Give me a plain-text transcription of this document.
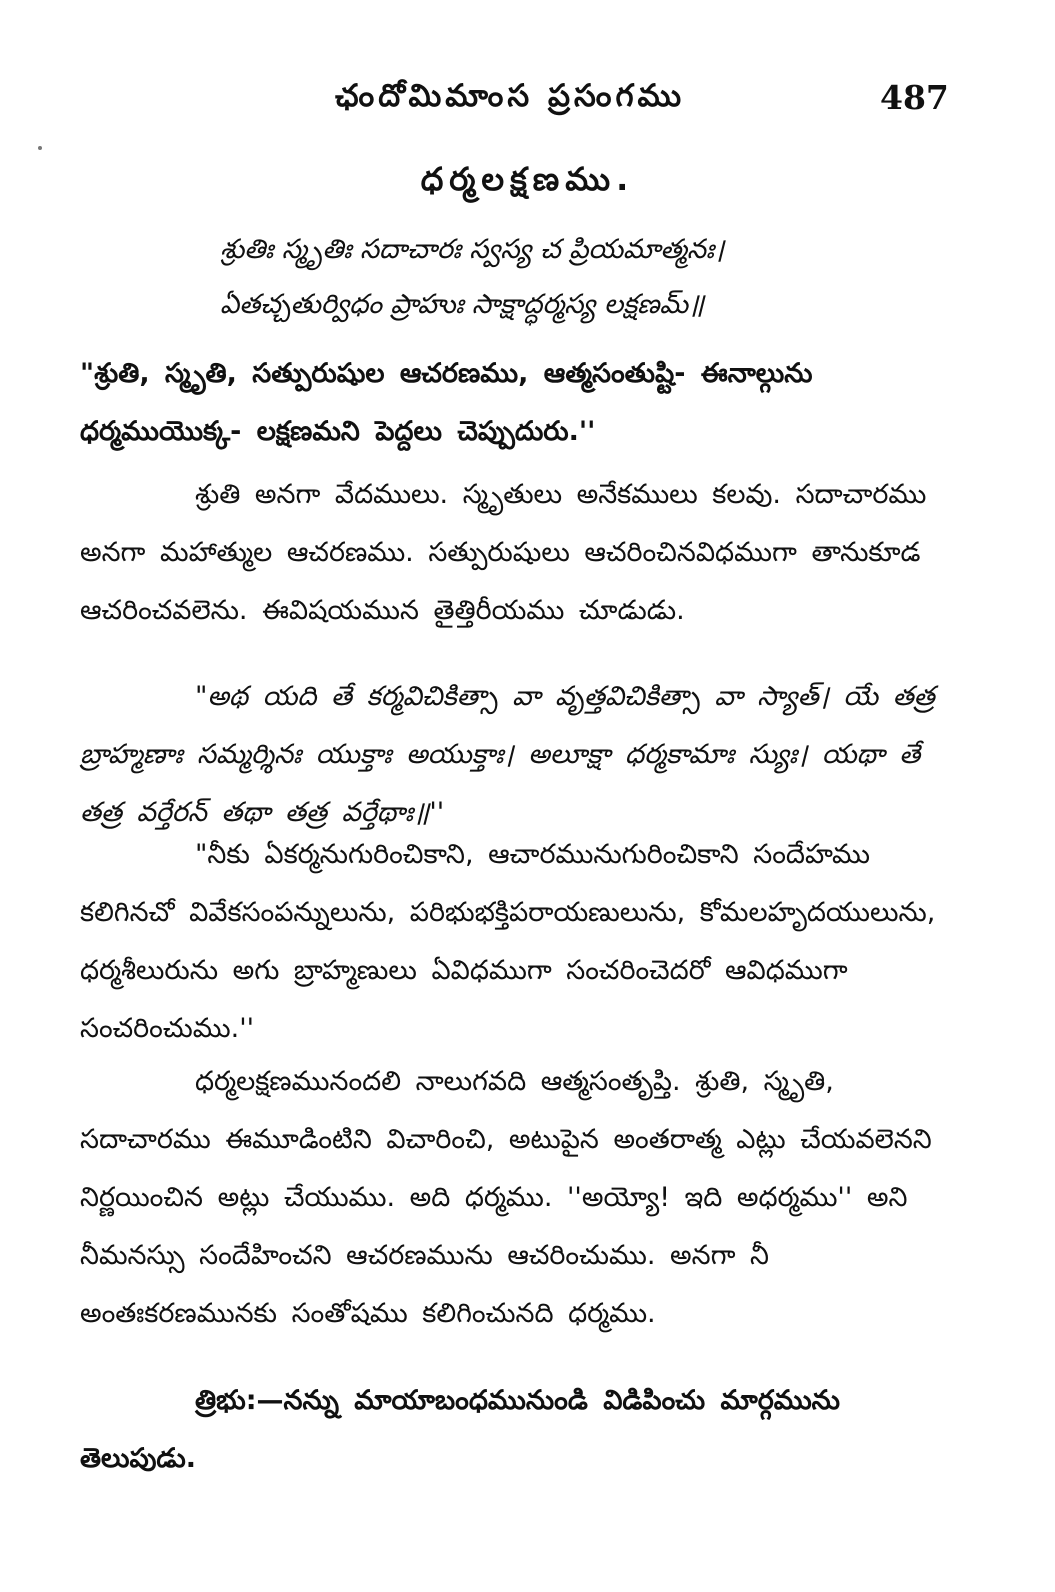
ఛందోమిమాంస ప్రసంగము	487
ధర్మలక్షణము.
శ్రుతిః స్మృతిః సదాచారః స్వస్య చ ప్రియమాత్మనః।
ఏతచ్చతుర్విధం ప్రాహుః సాక్షాద్ధర్మస్య లక్షణమ్॥
"శ్రుతి, స్మృతి, సత్పురుషుల ఆచరణము, ఆత్మసంతుష్టి- ఈనాల్గును ధర్మముయొక్క- లక్షణమని పెద్దలు చెప్పుదురు.''
శ్రుతి అనగా వేదములు. స్మృతులు అనేకములు కలవు. సదాచారము అనగా మహాత్ముల ఆచరణము. సత్పురుషులు ఆచరించినవిధముగా తానుకూడ ఆచరించవలెను. ఈవిషయమున తైత్తిరీయము చూడుడు.
"అథ యది తే కర్మవిచికిత్సా వా వృత్తవిచికిత్సా వా స్యాత్। యే తత్ర బ్రాహ్మణాః సమ్మర్శినః యుక్తాః అయుక్తాః। అలూక్షా ధర్మకామాః స్యుః। యథా తే తత్ర వర్తేరన్ తథా తత్ర వర్తేథాః॥''
"నీకు ఏకర్మనుగురించికాని, ఆచారమునుగురించికాని సందేహము కలిగినచో వివేకసంపన్నులును, పరిభుభక్తిపరాయణులును, కోమలహృదయులును, ధర్మశీలురును అగు బ్రాహ్మణులు ఏవిధముగా సంచరించెదరో ఆవిధముగా సంచరించుము.''
ధర్మలక్షణమునందలి నాలుగవది ఆత్మసంతృప్తి. శ్రుతి, స్మృతి, సదాచారము ఈమూడింటిని విచారించి, అటుపైన అంతరాత్మ ఎట్లు చేయవలెనని నిర్ణయించిన అట్లు చేయుము. అది ధర్మము. ''అయ్యో! ఇది అధర్మము'' అని నీమనస్సు సందేహించని ఆచరణమును ఆచరించుము. అనగా నీ అంతఃకరణమునకు సంతోషము కలిగించునది ధర్మము.
త్రిభు:—నన్ను మాయాబంధమునుండి విడిపించు మార్గమును తెలుపుడు.
